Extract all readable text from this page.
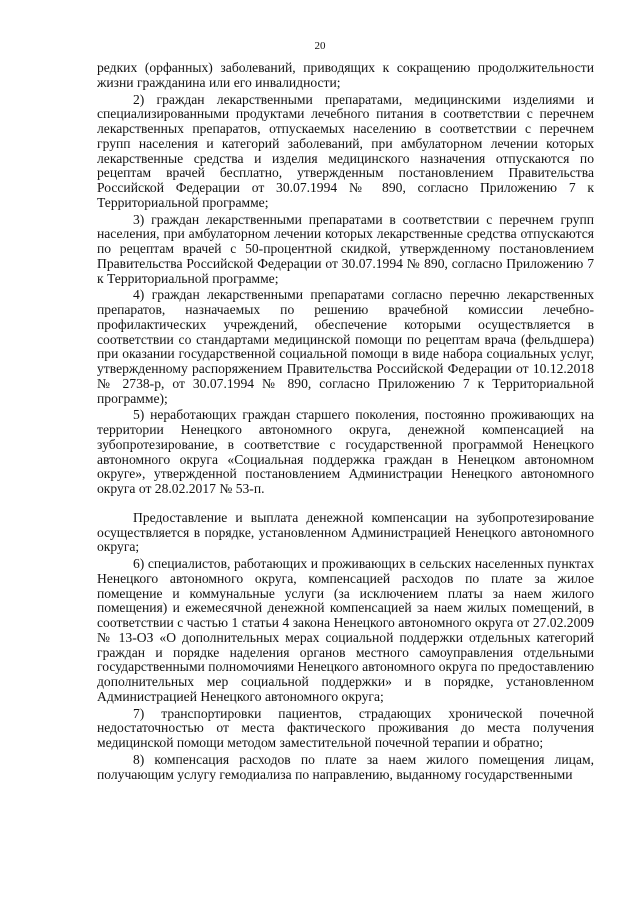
20

редких (орфанных) заболеваний, приводящих к сокращению продолжительности жизни гражданина или его инвалидности;

2) граждан лекарственными препаратами, медицинскими изделиями и специализированными продуктами лечебного питания в соответствии с перечнем лекарственных препаратов, отпускаемых населению в соответствии с перечнем групп населения и категорий заболеваний, при амбулаторном лечении которых лекарственные средства и изделия медицинского назначения отпускаются по рецептам врачей бесплатно, утвержденным постановлением Правительства Российской Федерации от 30.07.1994 № 890, согласно Приложению 7 к Территориальной программе;

3) граждан лекарственными препаратами в соответствии с перечнем групп населения, при амбулаторном лечении которых лекарственные средства отпускаются по рецептам врачей с 50-процентной скидкой, утвержденному постановлением Правительства Российской Федерации от 30.07.1994 № 890, согласно Приложению 7 к Территориальной программе;

4) граждан лекарственными препаратами согласно перечню лекарственных препаратов, назначаемых по решению врачебной комиссии лечебно-профилактических учреждений, обеспечение которыми осуществляется в соответствии со стандартами медицинской помощи по рецептам врача (фельдшера) при оказании государственной социальной помощи в виде набора социальных услуг, утвержденному распоряжением Правительства Российской Федерации от 10.12.2018 № 2738-р, от 30.07.1994 № 890, согласно Приложению 7 к Территориальной программе);

5) неработающих граждан старшего поколения, постоянно проживающих на территории Ненецкого автономного округа, денежной компенсацией на зубопротезирование, в соответствие с государственной программой Ненецкого автономного округа «Социальная поддержка граждан в Ненецком автономном округе», утвержденной постановлением Администрации Ненецкого автономного округа от 28.02.2017 № 53-п.

Предоставление и выплата денежной компенсации на зубопротезирование осуществляется в порядке, установленном Администрацией Ненецкого автономного округа;

6) специалистов, работающих и проживающих в сельских населенных пунктах Ненецкого автономного округа, компенсацией расходов по плате за жилое помещение и коммунальные услуги (за исключением платы за наем жилого помещения) и ежемесячной денежной компенсацией за наем жилых помещений, в соответствии с частью 1 статьи 4 закона Ненецкого автономного округа от 27.02.2009 № 13-ОЗ «О дополнительных мерах социальной поддержки отдельных категорий граждан и порядке наделения органов местного самоуправления отдельными государственными полномочиями Ненецкого автономного округа по предоставлению дополнительных мер социальной поддержки» и в порядке, установленном Администрацией Ненецкого автономного округа;

7) транспортировки пациентов, страдающих хронической почечной недостаточностью от места фактического проживания до места получения медицинской помощи методом заместительной почечной терапии и обратно;

8) компенсация расходов по плате за наем жилого помещения лицам, получающим услугу гемодиализа по направлению, выданному государственными
